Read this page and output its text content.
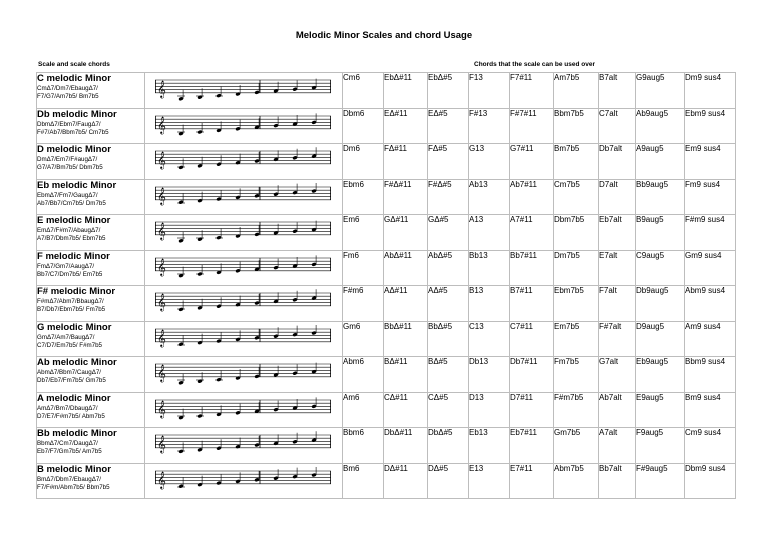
Melodic Minor Scales and chord Usage
Scale and scale chords	Chords that the scale can be used over
C melodic Minor
CmΔ7/Dm7/EbaugΔ7/
F7/G7/Am7b5/ Bm7b5	𝄞	Cm6	EbΔ#11	EbΔ#5	F13	F7#11	Am7b5	B7alt	G9aug5	Dm9 sus4

Db melodic Minor
DbmΔ7/Ebm7/FaugΔ7/
F#7/Ab7/Bbm7b5/ Cm7b5	𝄞	Dbm6	EΔ#11	EΔ#5	F#13	F#7#11	Bbm7b5	C7alt	Ab9aug5	Ebm9 sus4

D melodic Minor
DmΔ7/Em7/F#augΔ7/
G7/A7/Bm7b5/ Dbm7b5	𝄞	Dm6	FΔ#11	FΔ#5	G13	G7#11	Bm7b5	Db7alt	A9aug5	Em9 sus4

Eb melodic Minor
EbmΔ7/Fm7/GaugΔ7/
Ab7/Bb7/Cm7b5/ Dm7b5	𝄞	Ebm6	F#Δ#11	F#Δ#5	Ab13	Ab7#11	Cm7b5	D7alt	Bb9aug5	Fm9 sus4

E melodic Minor
EmΔ7/F#m7/AbaugΔ7/
A7/B7/Dbm7b5/ Ebm7b5	𝄞	Em6	GΔ#11	GΔ#5	A13	A7#11	Dbm7b5	Eb7alt	B9aug5	F#m9 sus4

F melodic Minor
FmΔ7/Gm7/AaugΔ7/
Bb7/C7/Dm7b5/ Em7b5	𝄞	Fm6	AbΔ#11	AbΔ#5	Bb13	Bb7#11	Dm7b5	E7alt	C9aug5	Gm9 sus4

F# melodic Minor
F#mΔ7/Abm7/BbaugΔ7/
B7/Db7/Ebm7b5/ Fm7b5	𝄞	F#m6	AΔ#11	AΔ#5	B13	B7#11	Ebm7b5	F7alt	Db9aug5	Abm9 sus4

G melodic Minor
GmΔ7/Am7/BaugΔ7/
C7/D7/Em7b5/ F#m7b5	𝄞	Gm6	BbΔ#11	BbΔ#5	C13	C7#11	Em7b5	F#7alt	D9aug5	Am9 sus4

Ab melodic Minor
AbmΔ7/Bbm7/CaugΔ7/
Db7/Eb7/Fm7b5/ Gm7b5	𝄞	Abm6	BΔ#11	BΔ#5	Db13	Db7#11	Fm7b5	G7alt	Eb9aug5	Bbm9 sus4

A melodic Minor
AmΔ7/Bm7/DbaugΔ7/
D7/E7/F#m7b5/ Abm7b5	𝄞	Am6	CΔ#11	CΔ#5	D13	D7#11	F#m7b5	Ab7alt	E9aug5	Bm9 sus4

Bb melodic Minor
BbmΔ7/Cm7/DaugΔ7/
Eb7/F7/Gm7b5/ Am7b5	𝄞	Bbm6	DbΔ#11	DbΔ#5	Eb13	Eb7#11	Gm7b5	A7alt	F9aug5	Cm9 sus4

B melodic Minor
BmΔ7/Dbm7/EbaugΔ7/
F7/F#m/Abm7b5/ Bbm7b5	𝄞	Bm6	DΔ#11	DΔ#5	E13	E7#11	Abm7b5	Bb7alt	F#9aug5	Dbm9 sus4
